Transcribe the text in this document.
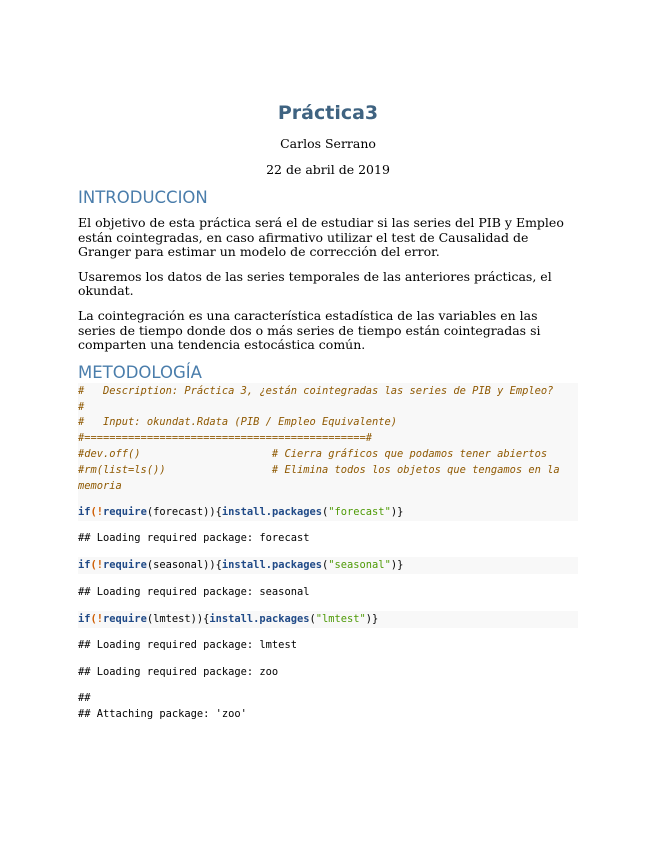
Práctica3
Carlos Serrano
22 de abril de 2019
INTRODUCCION

El objetivo de esta práctica será el de estudiar si las series del PIB y Empleo están cointegradas, en caso afirmativo utilizar el test de Causalidad de Granger para estimar un modelo de corrección del error.

Usaremos los datos de las series temporales de las anteriores prácticas, el okundat.

La cointegración es una característica estadística de las variables en las series de tiempo donde dos o más series de tiempo están cointegradas si comparten una tendencia estocástica común.

METODOLOGÍA
#   Description: Práctica 3, ¿están cointegradas las series de PIB y Empleo?
#
#   Input: okundat.Rdata (PIB / Empleo Equivalente)
#=============================================#
#dev.off()                     # Cierra gráficos que podamos tener abiertos
#rm(list=ls())                 # Elimina todos los objetos que tengamos en la memoria
if(!require(forecast)){install.packages("forecast")}
## Loading required package: forecast
if(!require(seasonal)){install.packages("seasonal")}
## Loading required package: seasonal
if(!require(lmtest)){install.packages("lmtest")}
## Loading required package: lmtest
## Loading required package: zoo
##
## Attaching package: 'zoo'
